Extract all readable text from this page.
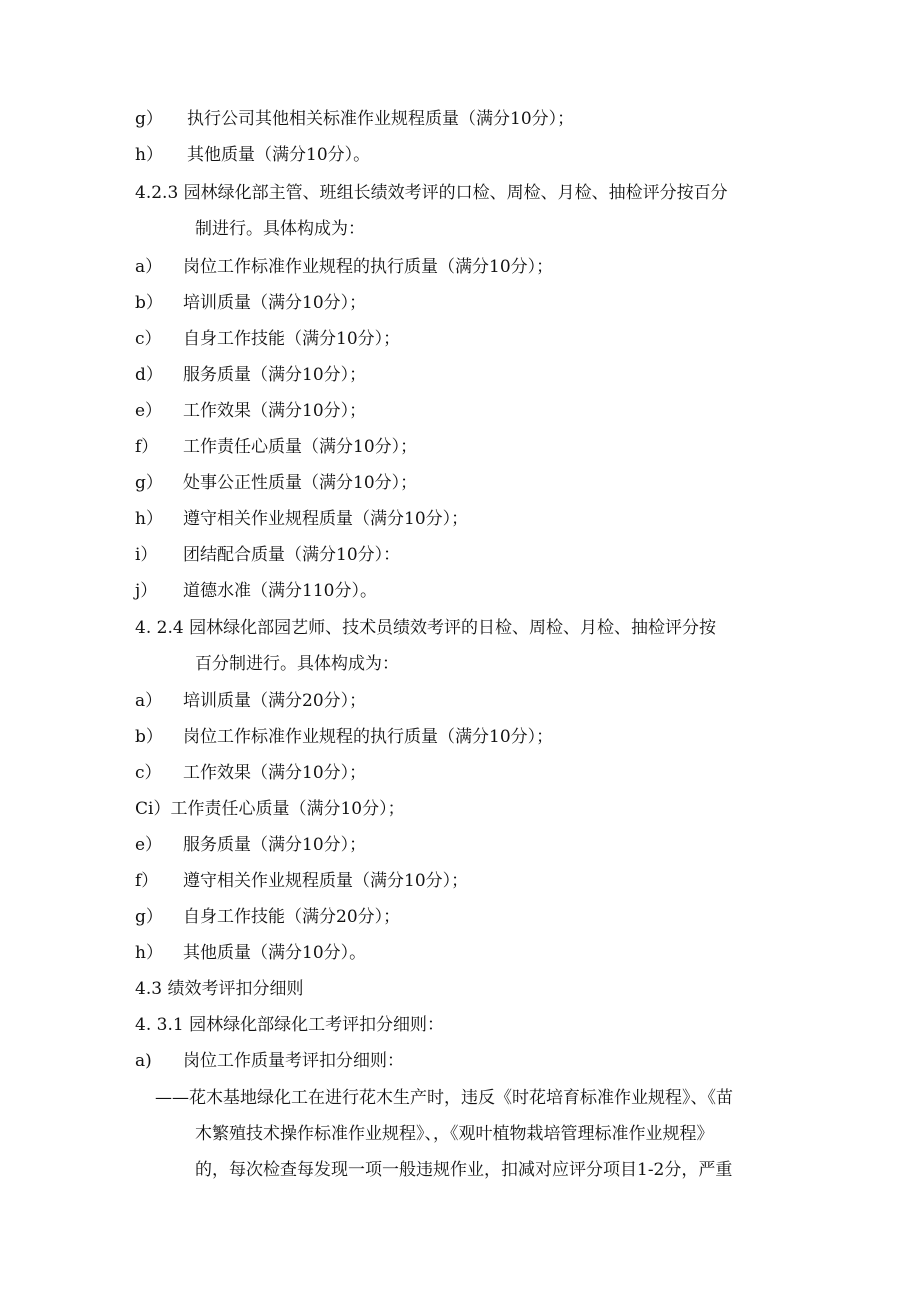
g） 执行公司其他相关标准作业规程质量（满分10分）；
h） 其他质量（满分10分）。
4.2.3 园林绿化部主管、班组长绩效考评的口检、周检、月检、抽检评分按百分
制进行。具体构成为：
a） 岗位工作标准作业规程的执行质量（满分10分）；
b） 培训质量（满分10分）；
c） 自身工作技能（满分10分）；
d） 服务质量（满分10分）；
e） 工作效果（满分10分）；
f） 工作责任心质量（满分10分）；
g） 处事公正性质量（满分10分）；
h） 遵守相关作业规程质量（满分10分）；
i） 团结配合质量（满分10分）：
j） 道德水准（满分110分）。
4. 2.4 园林绿化部园艺师、技术员绩效考评的日检、周检、月检、抽检评分按
百分制进行。具体构成为：
a） 培训质量（满分20分）；
b） 岗位工作标准作业规程的执行质量（满分10分）；
c） 工作效果（满分10分）；
Ci）工作责任心质量（满分10分）；
e） 服务质量（满分10分）；
f） 遵守相关作业规程质量（满分10分）；
g） 自身工作技能（满分20分）；
h） 其他质量（满分10分）。
4.3 绩效考评扣分细则
4. 3.1 园林绿化部绿化工考评扣分细则：
a) 岗位工作质量考评扣分细则：
——花木基地绿化工在进行花木生产时，违反《时花培育标准作业规程》、《苗
木繁殖技术操作标准作业规程》、，《观叶植物栽培管理标准作业规程》
的，每次检查每发现一项一般违规作业，扣减对应评分项目1-2分，严重
